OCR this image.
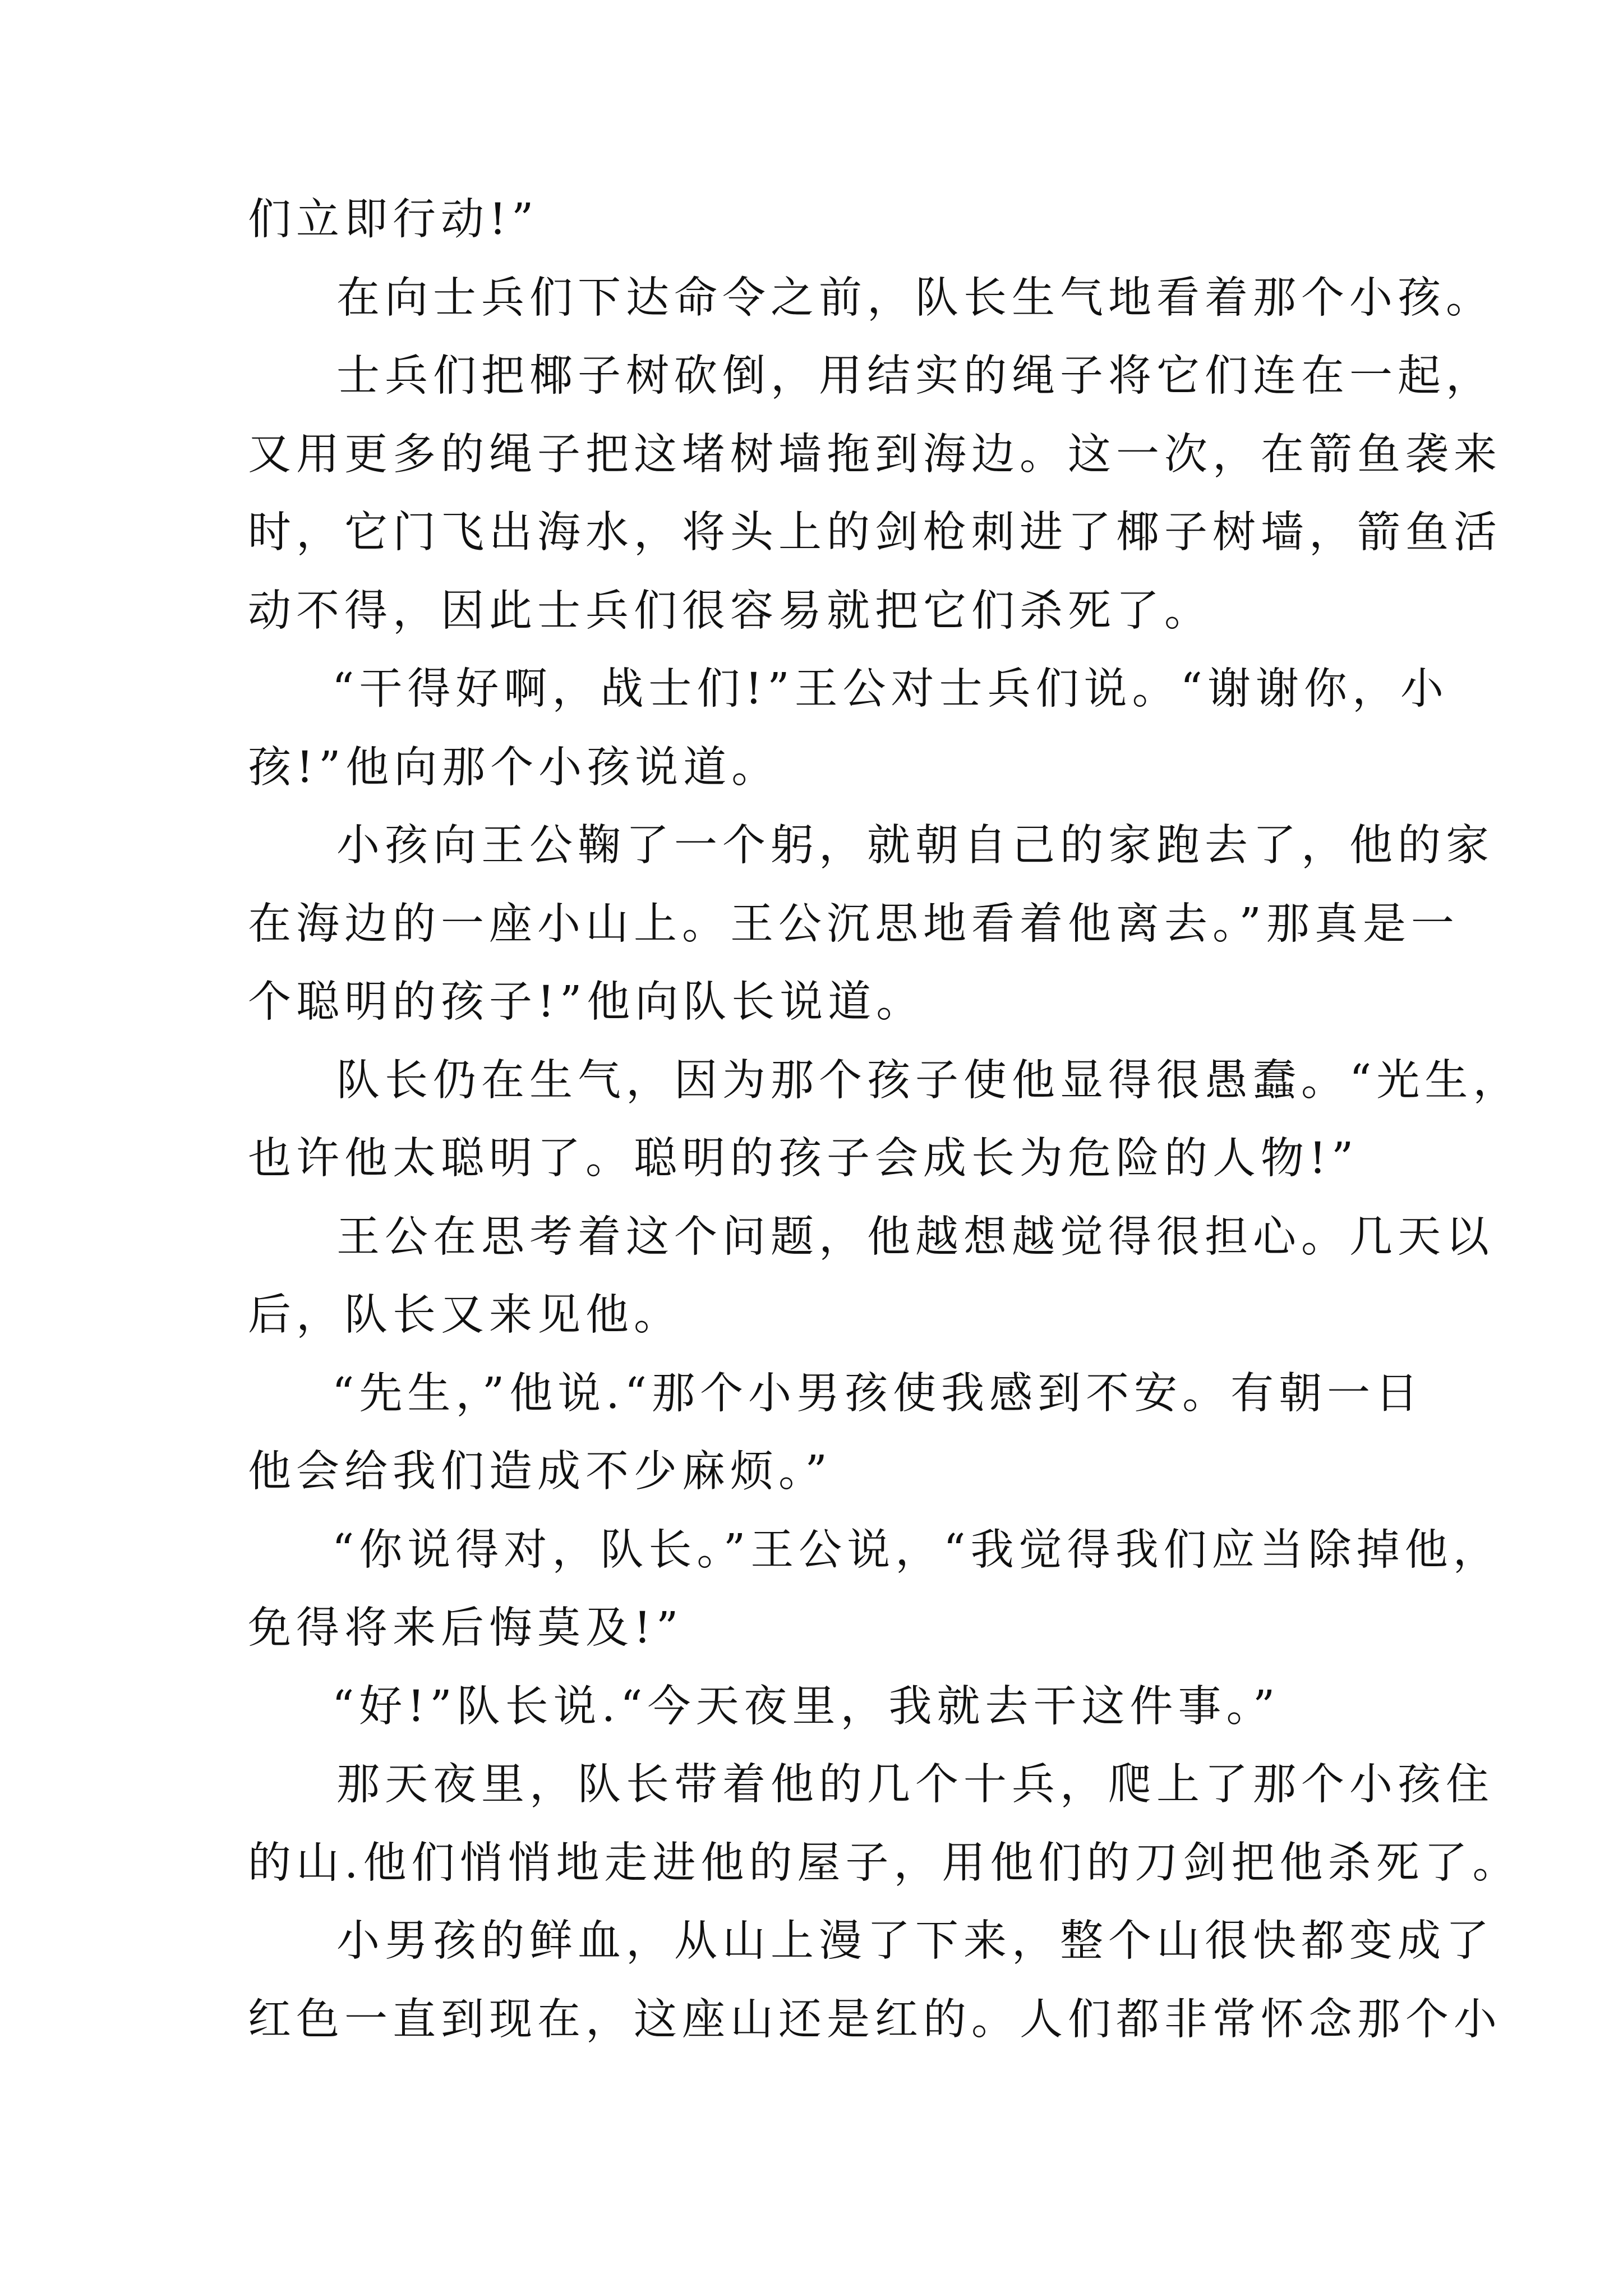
们立即行动!”
在向士兵们下达命令之前，队长生气地看着那个小孩。
士兵们把椰子树砍倒，用结实的绳子将它们连在一起，
又用更多的绳子把这堵树墙拖到海边。这一次，在箭鱼袭来
时，它门飞出海水，将头上的剑枪刺进了椰子树墙，箭鱼活
动不得，因此士兵们很容易就把它们杀死了。
“干得好啊，战士们!”王公对士兵们说。“谢谢你，小
孩!”他向那个小孩说道。
小孩向王公鞠了一个躬，就朝自己的家跑去了，他的家
在海边的一座小山上。王公沉思地看着他离去。”那真是一
个聪明的孩子!”他向队长说道。
队长仍在生气，因为那个孩子使他显得很愚蠢。“光生，
也许他太聪明了。聪明的孩子会成长为危险的人物!”
王公在思考着这个问题，他越想越觉得很担心。几天以
后，队长又来见他。
“先生，”他说.“那个小男孩使我感到不安。有朝一日
他会给我们造成不少麻烦。”
“你说得对，队长。”王公说，“我觉得我们应当除掉他，
免得将来后悔莫及!”
“好!”队长说.“今天夜里，我就去干这件事。”
那天夜里，队长带着他的几个十兵，爬上了那个小孩住
的山.他们悄悄地走进他的屋子，用他们的刀剑把他杀死了。
小男孩的鲜血，从山上漫了下来，整个山很快都变成了
红色一直到现在，这座山还是红的。人们都非常怀念那个小
